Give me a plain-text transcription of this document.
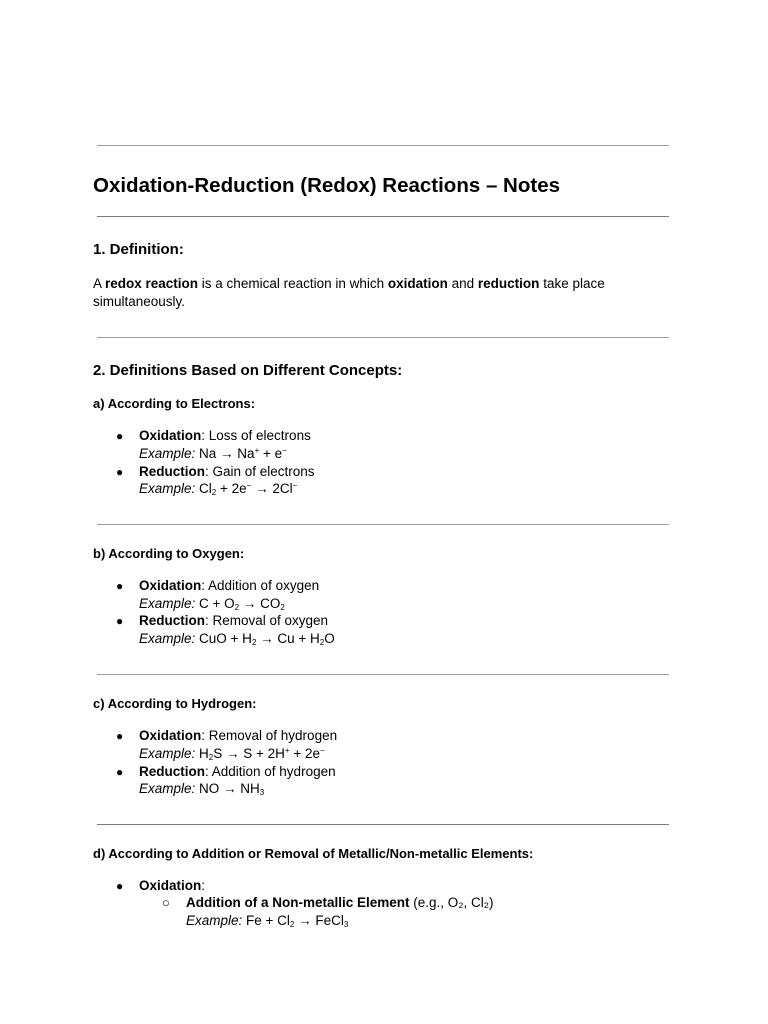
Oxidation-Reduction (Redox) Reactions – Notes
1. Definition:
A redox reaction is a chemical reaction in which oxidation and reduction take place
simultaneously.
2. Definitions Based on Different Concepts:
a) According to Electrons:
● Oxidation: Loss of electrons
Example: Na → Na+ + e−
● Reduction: Gain of electrons
Example: $Cl_2 + 2e^- \to 2Cl^-$
b) According to Oxygen:
● Oxidation: Addition of oxygen
Example: $C + O_2 \to CO_2$
● Reduction: Removal of oxygen
Example: CuO + $H_2 \to Cu + H_2O$
c) According to Hydrogen:
● Oxidation: Removal of hydrogen
Example: $H_2S \to S + 2H^+ + 2e^-$
● Reduction: Addition of hydrogen
Example: NO → $NH_3$
d) According to Addition or Removal of Metallic/Non-metallic Elements:
● Oxidation:
○ Addition of a Non-metallic Element (e.g., O₂, Cl₂)
Example: $Fe + Cl_2$ → FeCl$_3$
